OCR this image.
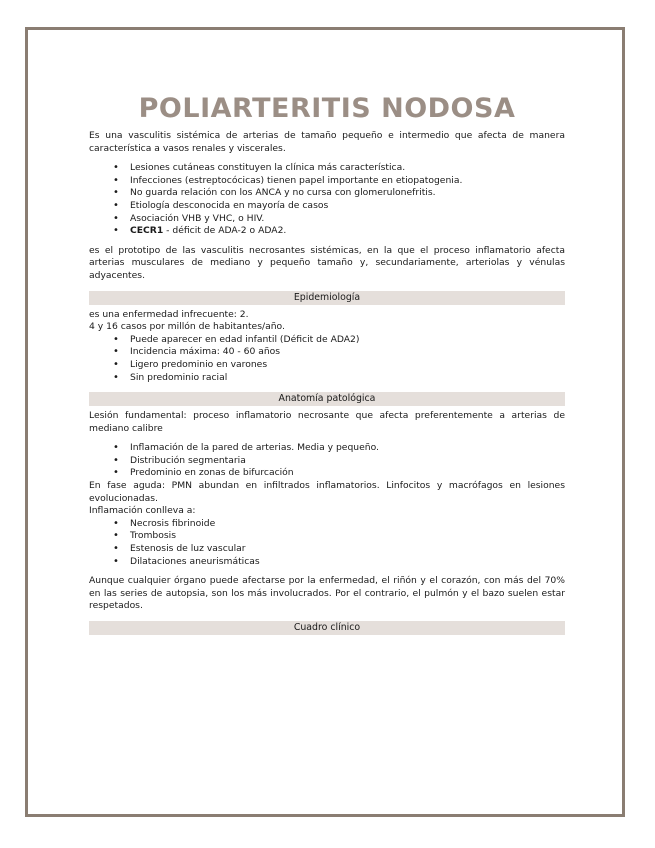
POLIARTERITIS NODOSA

Es una vasculitis sistémica de arterias de tamaño pequeño e intermedio que afecta de manera característica a vasos renales y viscerales.

• Lesiones cutáneas constituyen la clínica más característica.
• Infecciones (estreptocócicas) tienen papel importante en etiopatogenia.
• No guarda relación con los ANCA y no cursa con glomerulonefritis.
• Etiología desconocida en mayoría de casos
• Asociación VHB y VHC, o HIV.
• CECR1 - déficit de ADA-2 o ADA2.

es el prototipo de las vasculitis necrosantes sistémicas, en la que el proceso inflamatorio afecta arterias musculares de mediano y pequeño tamaño y, secundariamente, arteriolas y vénulas adyacentes.

Epidemiología

es una enfermedad infrecuente: 2.

4 y 16 casos por millón de habitantes/año.

• Puede aparecer en edad infantil (Déficit de ADA2)
• Incidencia máxima: 40 - 60 años
• Ligero predominio en varones
• Sin predominio racial
Anatomía patológica

Lesión fundamental: proceso inflamatorio necrosante que afecta preferentemente a arterias de mediano calibre

• Inflamación de la pared de arterias. Media y pequeño.
• Distribución segmentaria
• Predominio en zonas de bifurcación

En fase aguda: PMN abundan en infiltrados inflamatorios. Linfocitos y macrófagos en lesiones evolucionadas.

Inflamación conlleva a:

• Necrosis fibrinoide
• Trombosis
• Estenosis de luz vascular
• Dilataciones aneurismáticas

Aunque cualquier órgano puede afectarse por la enfermedad, el riñón y el corazón, con más del 70% en las series de autopsia, son los más involucrados. Por el contrario, el pulmón y el bazo suelen estar respetados.

Cuadro clínico
